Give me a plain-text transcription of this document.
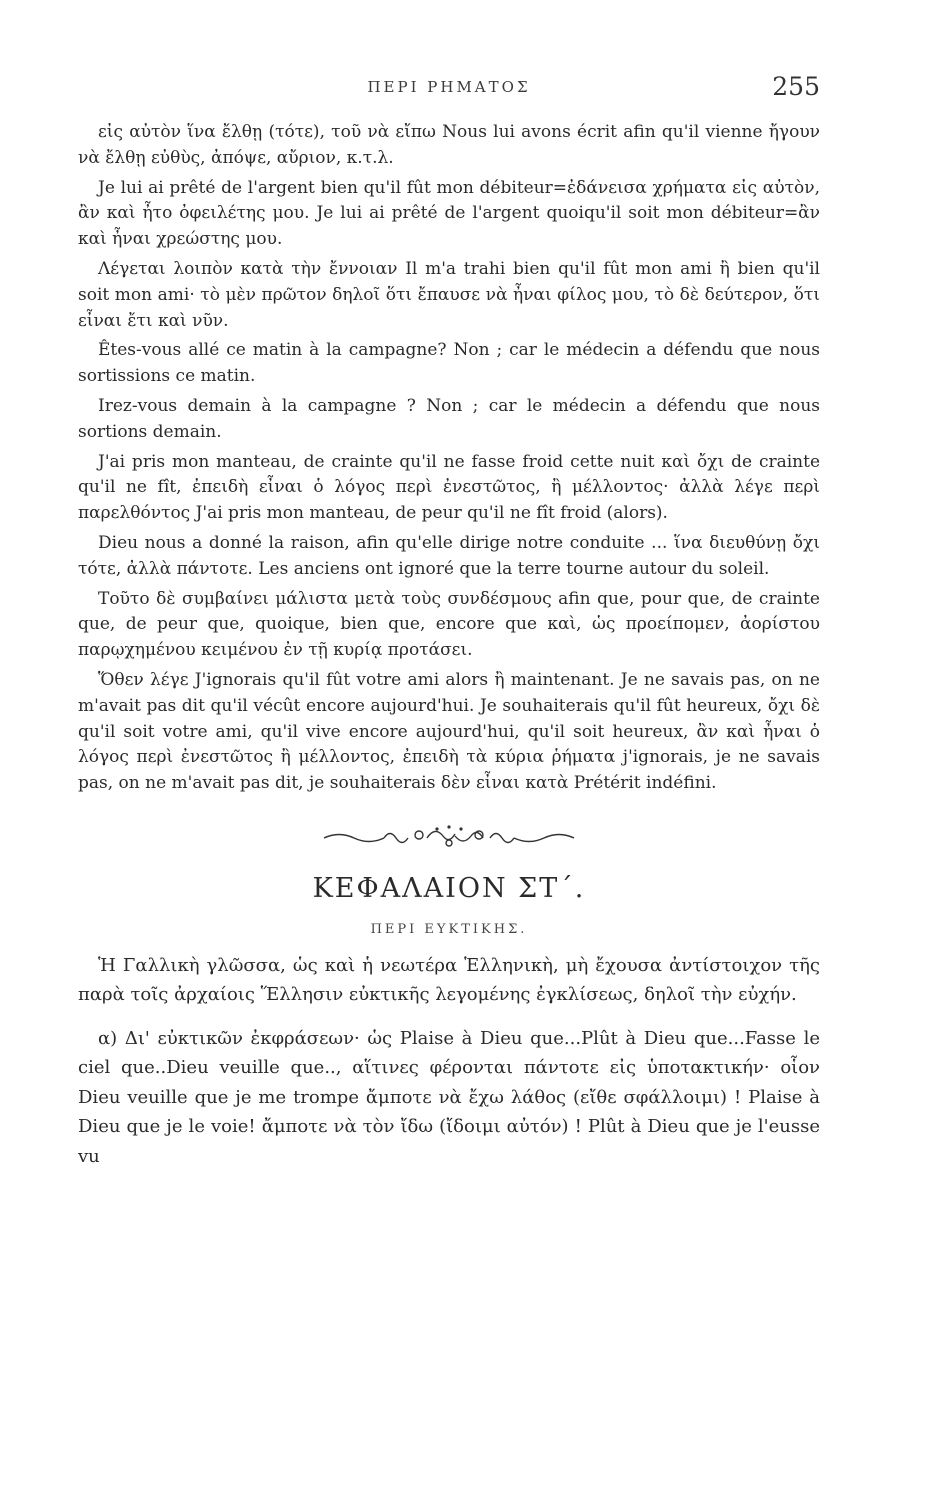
ΠΕΡΙ ΡΗΜΑΤΟΣ	255

εἰς αὐτὸν ἵνα ἔλθῃ (τότε), τοῦ νὰ εἴπω Nous lui avons écrit afin qu'il vienne ἤγουν νὰ ἔλθῃ εὐθὺς, ἀπόψε, αὔριον, κ.τ.λ.

Je lui ai prêté de l'argent bien qu'il fût mon débiteur=ἐδάνεισα χρήματα εἰς αὐτὸν, ἂν καὶ ἦτο ὀφειλέτης μου. Je lui ai prêté de l'argent quoiqu'il soit mon débiteur=ἂν καὶ ἦναι χρεώστης μου.

Λέγεται λοιπὸν κατὰ τὴν ἔννοιαν Il m'a trahi bien qu'il fût mon ami ἢ bien qu'il soit mon ami· τὸ μὲν πρῶτον δηλοῖ ὅτι ἔπαυσε νὰ ἦναι φίλος μου, τὸ δὲ δεύτερον, ὅτι εἶναι ἔτι καὶ νῦν.

Êtes-vous allé ce matin à la campagne? Non ; car le médecin a défendu que nous sortissions ce matin.

Irez-vous demain à la campagne ? Non ; car le médecin a défendu que nous sortions demain.

J'ai pris mon manteau, de crainte qu'il ne fasse froid cette nuit καὶ ὄχι de crainte qu'il ne fît, ἐπειδὴ εἶναι ὁ λόγος περὶ ἐνεστῶτος, ἢ μέλλοντος· ἀλλὰ λέγε περὶ παρελθόντος J'ai pris mon manteau, de peur qu'il ne fît froid (alors).

Dieu nous a donné la raison, afin qu'elle dirige notre conduite ... ἵνα διευθύνῃ ὄχι τότε, ἀλλὰ πάντοτε. Les anciens ont ignoré que la terre tourne autour du soleil.

Τοῦτο δὲ συμβαίνει μάλιστα μετὰ τοὺς συνδέσμους afin que, pour que, de crainte que, de peur que, quoique, bien que, encore que καὶ, ὡς προείπομεν, ἀορίστου παρῳχημένου κειμένου ἐν τῇ κυρίᾳ προτάσει.

Ὅθεν λέγε J'ignorais qu'il fût votre ami alors ἢ maintenant. Je ne savais pas, on ne m'avait pas dit qu'il vécût encore aujourd'hui. Je souhaiterais qu'il fût heureux, ὄχι δὲ qu'il soit votre ami, qu'il vive encore aujourd'hui, qu'il soit heureux, ἂν καὶ ἦναι ὁ λόγος περὶ ἐνεστῶτος ἢ μέλλοντος, ἐπειδὴ τὰ κύρια ῥήματα j'ignorais, je ne savais pas, on ne m'avait pas dit, je souhaiterais δὲν εἶναι κατὰ Prétérit indéfini.

ΚΕΦΑΛΑΙΟΝ ΣΤ΄.
ΠΕΡΙ ΕΥΚΤΙΚΗΣ.

Ἡ Γαλλικὴ γλῶσσα, ὡς καὶ ἡ νεωτέρα Ἑλληνικὴ, μὴ ἔχουσα ἀντίστοιχον τῆς παρὰ τοῖς ἀρχαίοις Ἕλλησιν εὐκτικῆς λεγομένης ἐγκλίσεως, δηλοῖ τὴν εὐχήν.

α) Δι' εὐκτικῶν ἐκφράσεων· ὡς Plaise à Dieu que...Plût à Dieu que...Fasse le ciel que..Dieu veuille que.., αἵτινες φέρονται πάντοτε εἰς ὑποτακτικήν· οἷον Dieu veuille que je me trompe ἄμποτε νὰ ἔχω λάθος (εἴθε σφάλλοιμι) ! Plaise à Dieu que je le voie! ἄμποτε νὰ τὸν ἴδω (ἴδοιμι αὐτόν) ! Plût à Dieu que je l'eusse vu
